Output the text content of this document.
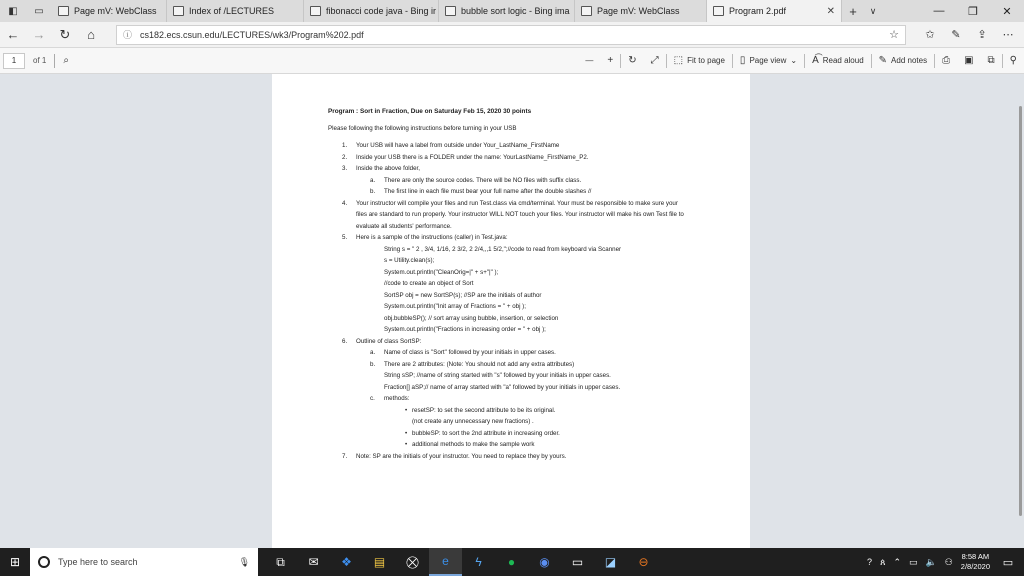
◧	▭	Page mV: WebClass	Index of /LECTURES	fibonacci code java - Bing ir	bubble sort logic - Bing ima	Page mV: WebClass	Program 2.pdf	✕	+	∨	—	❐	✕
←	→	↻	⌂	ⓘ cs182.ecs.csun.edu/LECTURES/wk3/Program%202.pdf	☆	✩	✎	⇪	⋯
1 of 1 ⌕	— + ↻ ⤢ ⬚ Fit to page ▯ Page view ⌄ A͡ Read aloud ✎ Add notes ⎙ ▣ ⧉ ⚲
Program : Sort in Fraction, Due on Saturday Feb 15, 2020 30 points
Please following the following instructions before turning in your USB
1. Your USB will have a label from outside under Your_LastName_FirstName
2. Inside your USB there is a FOLDER under the name: YourLastName_FirstName_P2.
3. Inside the above folder,
a. There are only the source codes. There will be NO files with suffix class.
b. The first line in each file must bear your full name after the double slashes //
4. Your instructor will compile your files and run Test.class via cmd/terminal. Your must be responsible to make sure your files are standard to run properly. Your instructor WILL NOT touch your files. Your instructor will make his own Test file to evaluate all students' performance.
5. Here is a sample of the instructions (caller) in Test.java:
String s = " 2 , 3/4, 1/16, 2 3/2, 2 2/4,,,1 5/2,";//code to read from keyboard via Scanner
s = Utility.clean(s);
System.out.println("CleanOrig=|" + s+"|" );
//code to create an object of Sort
SortSP obj = new SortSP(s); //SP are the initials of author
System.out.println("Init array of Fractions = " + obj );
obj.bubbleSP(); // sort array using bubble, insertion, or selection
System.out.println("Fractions in increasing order = " + obj );
6. Outline of class SortSP:
a. Name of class is "Sort" followed by your initials in upper cases.
b. There are 2 attributes: (Note: You should not add any extra attributes)
String sSP; //name of string started with "s" followed by your initials in upper cases.
Fraction[] aSP;// name of array started with "a" followed by your initials in upper cases.
c. methods:
• resetSP: to set the second attribute to be its original.
(not create any unnecessary new fractions) .
• bubbleSP: to sort the 2nd attribute in increasing order.
• additional methods to make the sample work
7. Note: SP are the initials of your instructor. You need to replace they by yours.
⊞	Type here to search	🎙	⧉	✉	❖	▤	⛒	e	ϟ	●	◉	▭	◪	⊖	? ጰ ⌃ ▭ 🔈 ⚇ 8:58 AM
2/8/2020	▭
